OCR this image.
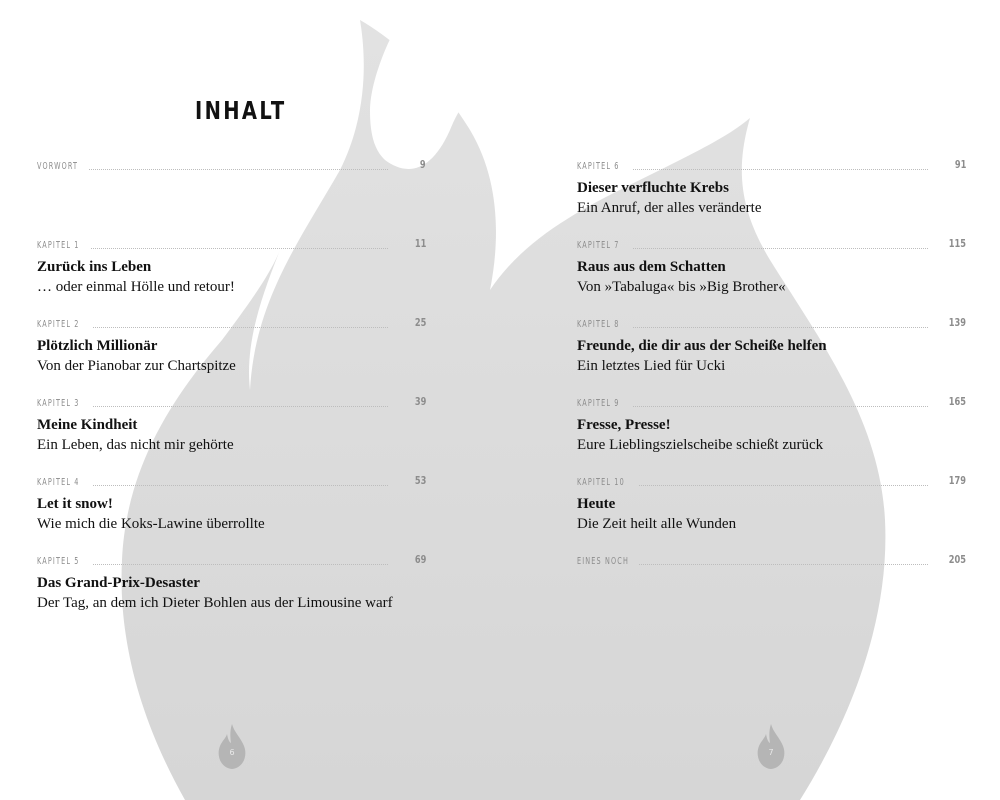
INHALT
VORWORT	9
KAPITEL 1	11
Zurück ins Leben
… oder einmal Hölle und retour!
KAPITEL 2	25
Plötzlich Millionär
Von der Pianobar zur Chartspitze
KAPITEL 3	39
Meine Kindheit
Ein Leben, das nicht mir gehörte
KAPITEL 4	53
Let it snow!
Wie mich die Koks-Lawine überrollte
KAPITEL 5	69
Das Grand-Prix-Desaster
Der Tag, an dem ich Dieter Bohlen aus der Limousine warf
KAPITEL 6	91
Dieser verfluchte Krebs
Ein Anruf, der alles veränderte
KAPITEL 7	115
Raus aus dem Schatten
Von »Tabaluga« bis »Big Brother«
KAPITEL 8	139
Freunde, die dir aus der Scheiße helfen
Ein letztes Lied für Ucki
KAPITEL 9	165
Fresse, Presse!
Eure Lieblingszielscheibe schießt zurück
KAPITEL 10	179
Heute
Die Zeit heilt alle Wunden
EINES NOCH	205
6	7
